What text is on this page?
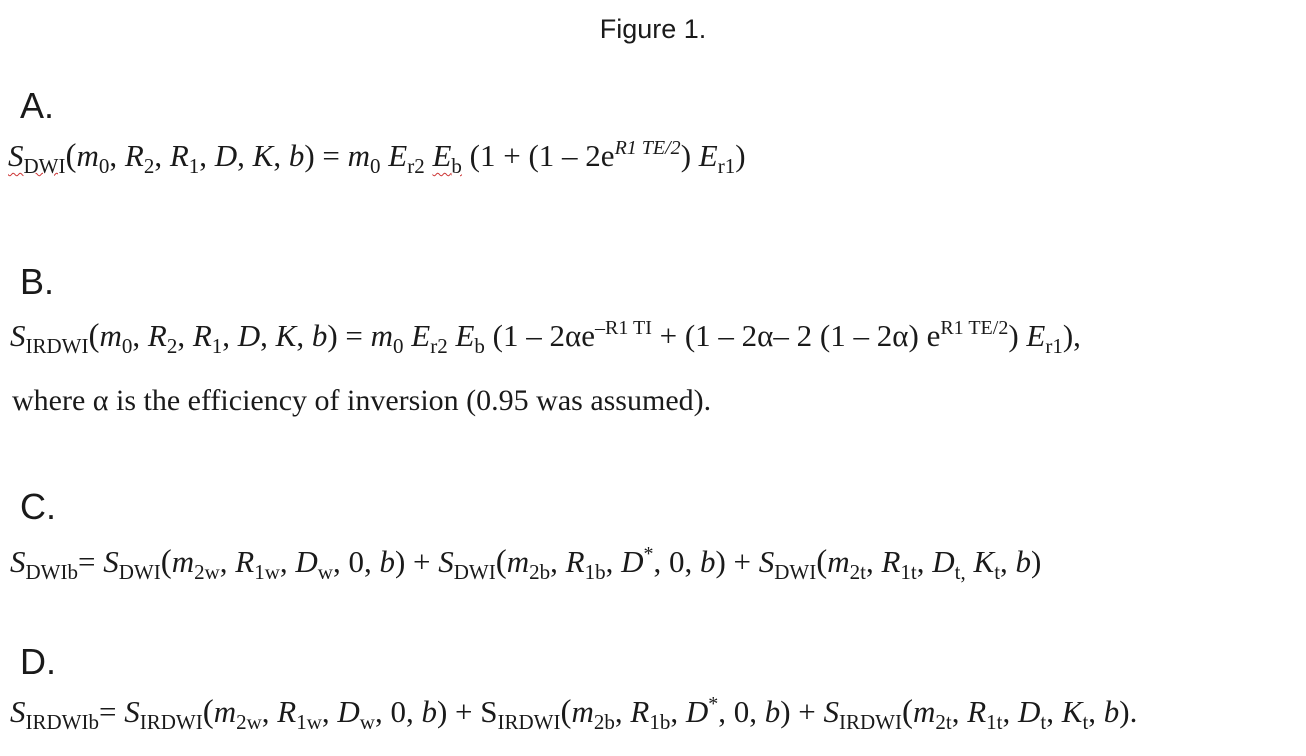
Figure 1.
A.
$S_{DWI}(m_0$, $R_2$, $R_1$, D, K, $b) = m_0$ $E_{r2}$ $E_b$ ($1 + (1 - 2e^{R1 TE/2})$ $E_{r1}$)
B.
$S_{IRDWI}(m_0$, $R_2$, $R_1$, D, K, $b) = m_0$ $E_{r2}$ $E_b$ ($1 - 2\alpha e^{-R1 TI} + (1 - 2\alpha-$ 2 (1 – 2α) $e^{R1 TE/2}$) $E_{r1}$),
where α is the efficiency of inversion (0.95 was assumed).
C.
$S_{DWIb}= S_{DWI}(m_{2w}$, $R_{1w}$, $D_w$, 0, $b) + S_{DWI}(m_{2b}$, $R_{1b}$, D*, 0, $b) + S_{DWI}(m_{2t}$, $R_{1t}$, $D_{t,}$ $K_t$, b)
D.
$S_{IRDWIb}= S_{IRDWI}(m_{2w}$, $R_{1w}$, $D_w$, 0, $b) + S_{IRDWI}(m_{2b}$, $R_{1b}$, D*, 0, $b) + S_{IRDWI}(m_{2t}$, $R_{1t}$, $D_t$, $K_t$, b).
